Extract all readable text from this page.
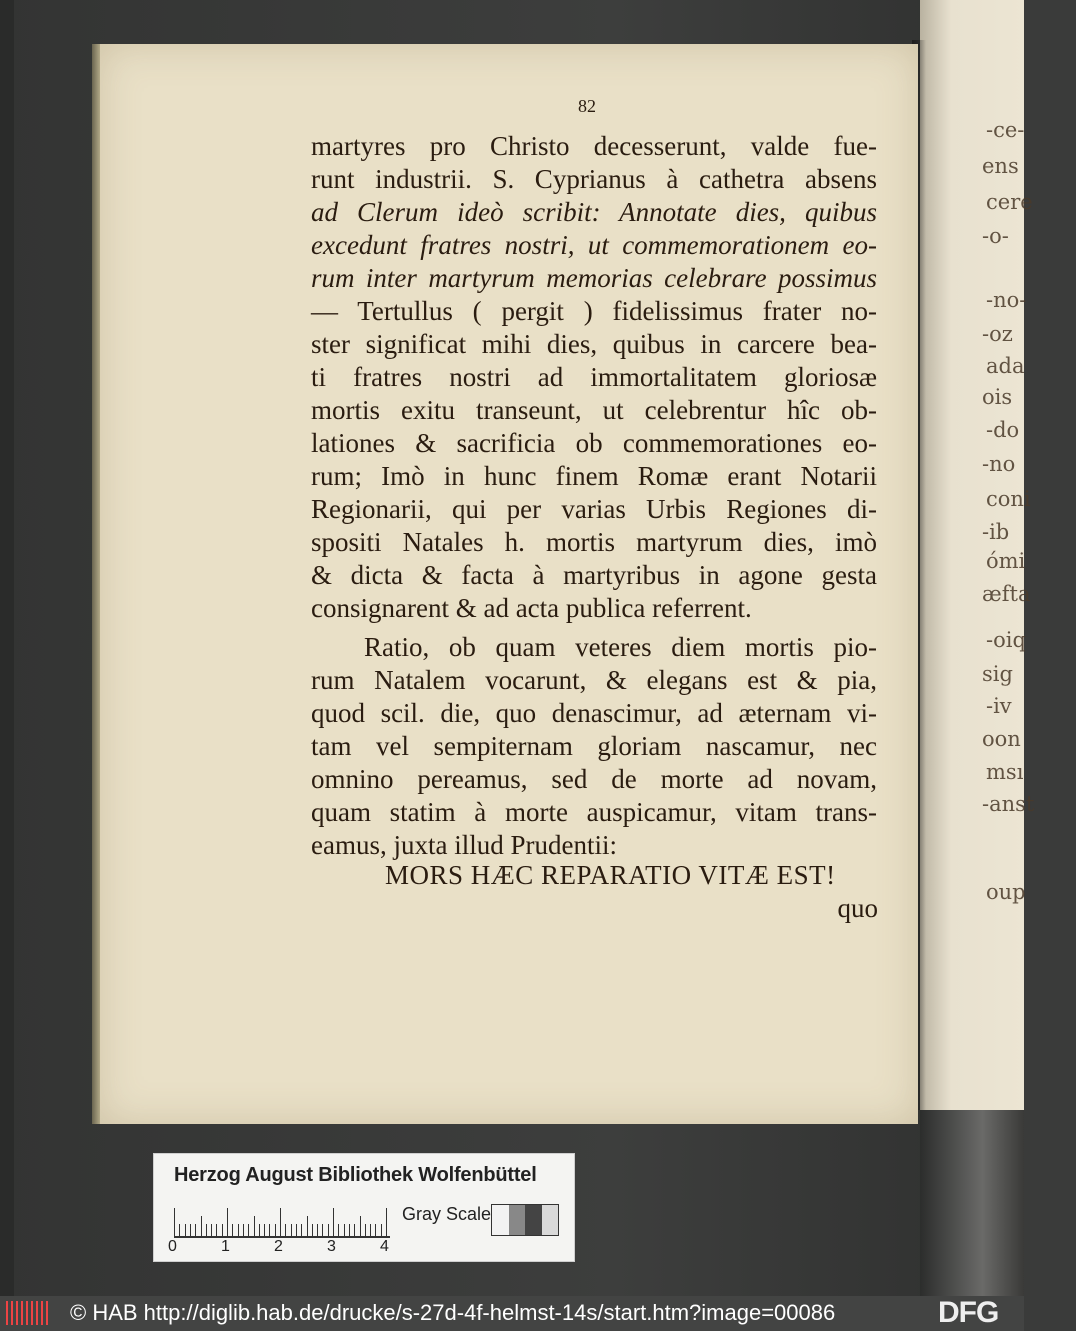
-ce-
ens
cere
-o-
-no-
-oz
ada
ois
-do
-no
coni
-ib
ómi
æfta
-oiq
sig
-iv
oon
msı
-anst
oup
82
Herzog August Bibliothek Wolfenbüttel
0	1	2	3	4
Gray Scale
© HAB http://diglib.hab.de/drucke/s-27d-4f-helmst-14s/start.htm?image=00086	DFG
martyres pro Christo decesserunt, valde fue-
runt industrii. S. Cyprianus à cathetra absens
ad Clerum ideò scribit: Annotate dies, quibus
excedunt fratres nostri, ut commemorationem eo-
rum inter martyrum memorias celebrare possimus
— Tertullus ( pergit ) fidelissimus frater no-
ster significat mihi dies, quibus in carcere bea-
ti fratres nostri ad immortalitatem gloriosæ
mortis exitu transeunt, ut celebrentur hîc ob-
lationes & sacrificia ob commemorationes eo-
rum; Imò in hunc finem Romæ erant Notarii
Regionarii, qui per varias Urbis Regiones di-
spositi Natales h. mortis martyrum dies, imò
& dicta & facta à martyribus in agone gesta
consignarent & ad acta publica referrent.
Ratio, ob quam veteres diem mortis pio-
rum Natalem vocarunt, & elegans est & pia,
quod scil. die, quo denascimur, ad æternam vi-
tam vel sempiternam gloriam nascamur, nec
omnino pereamus, sed de morte ad novam,
quam statim à morte auspicamur, vitam trans-
eamus, juxta illud Prudentii:
MORS HÆC REPARATIO VITÆ EST!
quo
